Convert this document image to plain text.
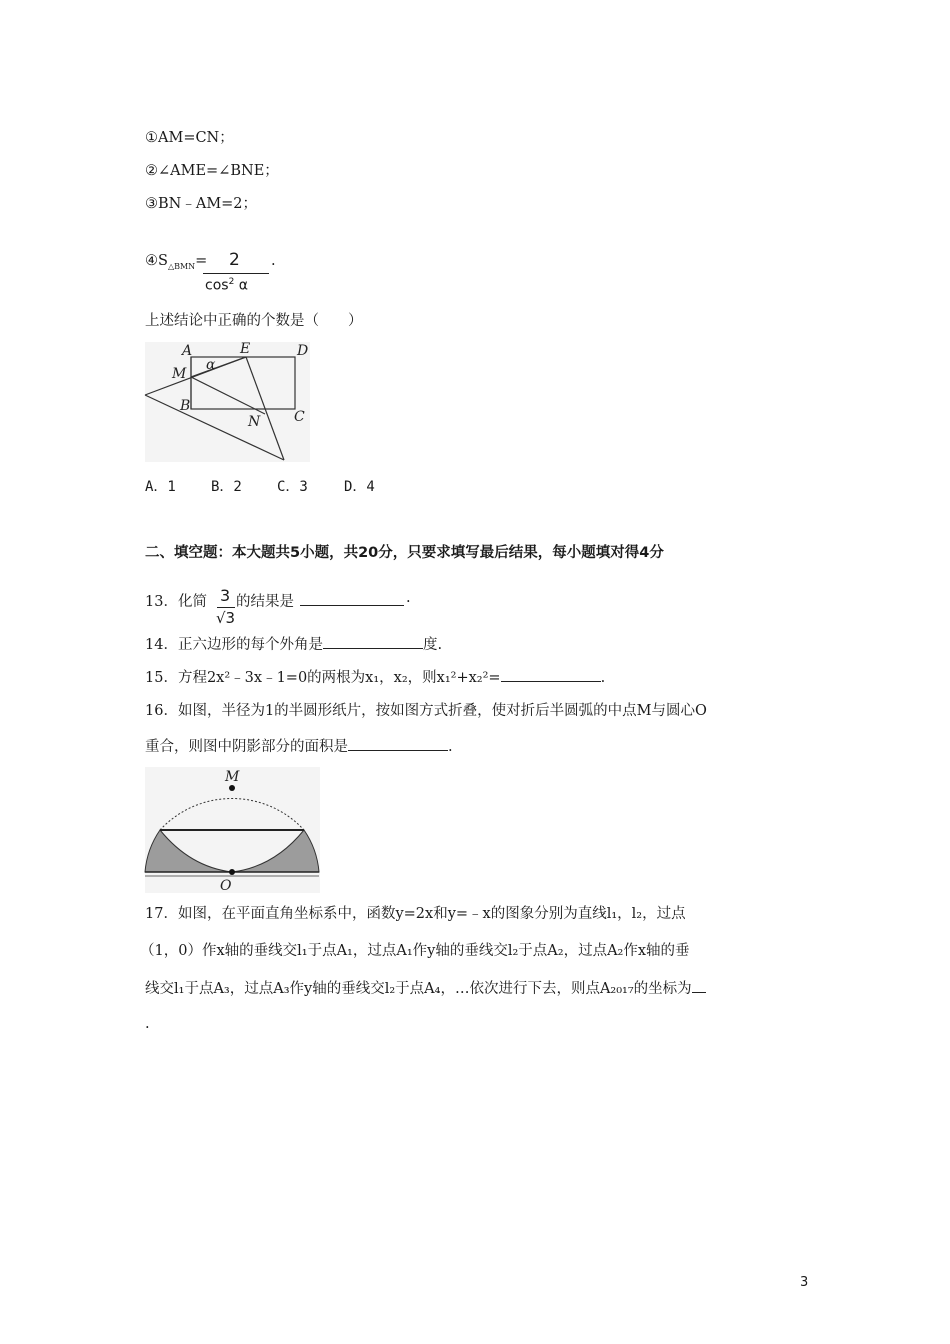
①AM=CN；
②∠AME=∠BNE；
③BN﹣AM=2；
$④S_{\triangle BMN}= 2$
$\cos^2 \alpha$
.
上述结论中正确的个数是（　　）
A	E	D
M
α
B
C
N
A．1	B．2	C．3	D．4
二、填空题：本大题共5小题，共20分，只要求填写最后结果，每小题填对得4分
13．化简 3
√3
的结果是	.
14．正六边形的每个外角是	度.
15．方程2x²﹣3x﹣1=0的两根为x₁，x₂，则x₁²+x₂²=	.
16．如图，半径为1的半圆形纸片，按如图方式折叠，使对折后半圆弧的中点M与圆心O
重合，则图中阴影部分的面积是	.
M
O
17．如图，在平面直角坐标系中，函数y=2x和y=﹣x的图象分别为直线l₁，l₂，过点
（1，0）作x轴的垂线交l₁于点A₁，过点A₁作y轴的垂线交l₂于点A₂，过点A₂作x轴的垂
线交l₁于点A₃，过点A₃作y轴的垂线交l₂于点A₄，…依次进行下去，则点A₂₀₁₇的坐标为
.
3
